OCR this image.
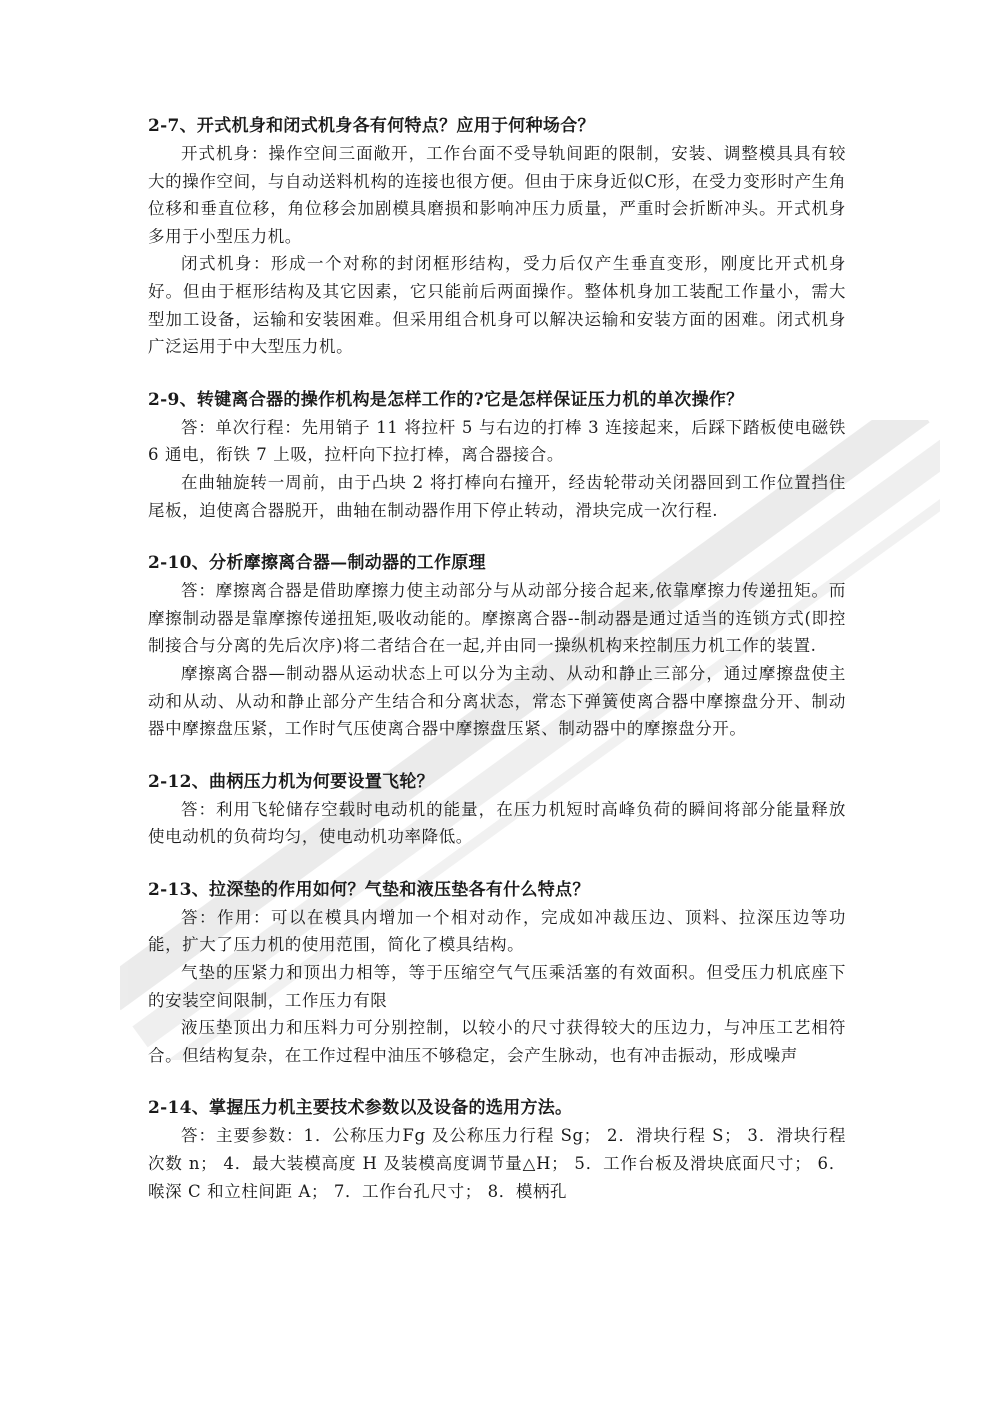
2-7、开式机身和闭式机身各有何特点？应用于何种场合？

开式机身：操作空间三面敞开，工作台面不受导轨间距的限制，安装、调整模具具有较大的操作空间，与自动送料机构的连接也很方便。但由于床身近似C形，在受力变形时产生角位移和垂直位移，角位移会加剧模具磨损和影响冲压力质量，严重时会折断冲头。开式机身多用于小型压力机。

闭式机身：形成一个对称的封闭框形结构，受力后仅产生垂直变形，刚度比开式机身好。但由于框形结构及其它因素，它只能前后两面操作。整体机身加工装配工作量小，需大型加工设备，运输和安装困难。但采用组合机身可以解决运输和安装方面的困难。闭式机身广泛运用于中大型压力机。

2-9、转键离合器的操作机构是怎样工作的?它是怎样保证压力机的单次操作？

答：单次行程：先用销子 11 将拉杆 5 与右边的打棒 3 连接起来，后踩下踏板使电磁铁 6 通电，衔铁 7 上吸，拉杆向下拉打棒，离合器接合。

在曲轴旋转一周前，由于凸块 2 将打棒向右撞开，经齿轮带动关闭器回到工作位置挡住尾板，迫使离合器脱开，曲轴在制动器作用下停止转动，滑块完成一次行程.

2-10、分析摩擦离合器—制动器的工作原理

答：摩擦离合器是借助摩擦力使主动部分与从动部分接合起来,依靠摩擦力传递扭矩。而摩擦制动器是靠摩擦传递扭矩,吸收动能的。摩擦离合器--制动器是通过适当的连锁方式(即控制接合与分离的先后次序)将二者结合在一起,并由同一操纵机构来控制压力机工作的装置.

摩擦离合器—制动器从运动状态上可以分为主动、从动和静止三部分，通过摩擦盘使主动和从动、从动和静止部分产生结合和分离状态，常态下弹簧使离合器中摩擦盘分开、制动器中摩擦盘压紧，工作时气压使离合器中摩擦盘压紧、制动器中的摩擦盘分开。

2-12、曲柄压力机为何要设置飞轮？

答：利用飞轮储存空载时电动机的能量，在压力机短时高峰负荷的瞬间将部分能量释放使电动机的负荷均匀，使电动机功率降低。

2-13、拉深垫的作用如何？气垫和液压垫各有什么特点？

答：作用：可以在模具内增加一个相对动作，完成如冲裁压边、顶料、拉深压边等功能，扩大了压力机的使用范围，简化了模具结构。

气垫的压紧力和顶出力相等，等于压缩空气气压乘活塞的有效面积。但受压力机底座下的安装空间限制，工作压力有限

液压垫顶出力和压料力可分别控制，以较小的尺寸获得较大的压边力，与冲压工艺相符合。但结构复杂，在工作过程中油压不够稳定，会产生脉动，也有冲击振动，形成噪声

2-14、掌握压力机主要技术参数以及设备的选用方法。

答：主要参数：1．公称压力Fg 及公称压力行程 Sg； 2．滑块行程 S； 3．滑块行程次数 n； 4．最大装模高度 H 及装模高度调节量△H； 5．工作台板及滑块底面尺寸； 6．喉深 C 和立柱间距 A； 7．工作台孔尺寸； 8．模柄孔
